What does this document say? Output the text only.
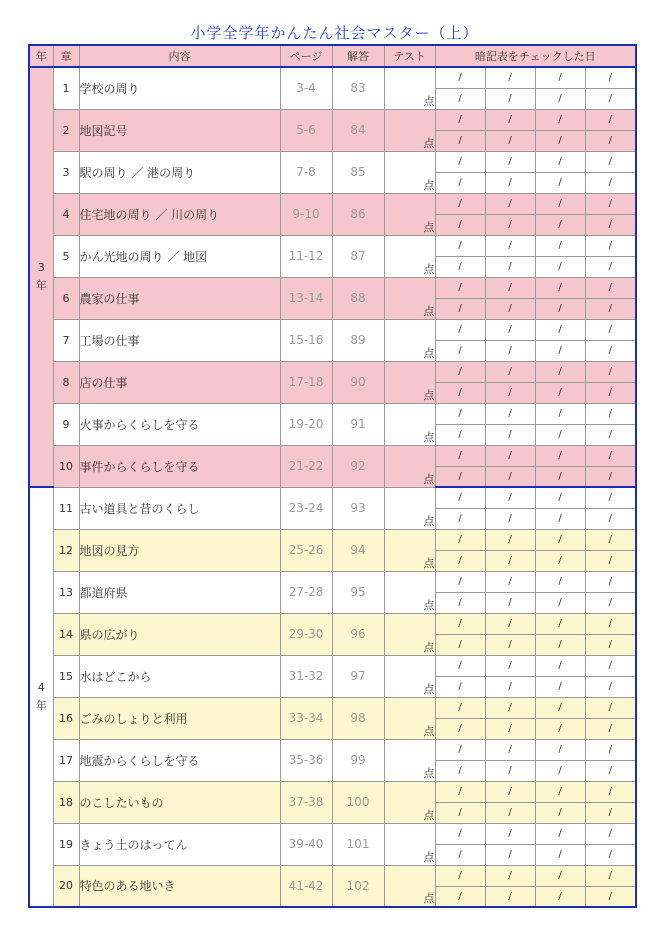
小学全学年かんたん社会マスター（上）
年	章	内容	ページ	解答	テスト	暗記表をチェックした日			

3
年	1	学校の周り	3-4	83	点	/	/	/	/
						/	/	/	/
	2	地図記号	5-6	84	点	/	/	/	/
						/	/	/	/
	3	駅の周り ／ 港の周り	7-8	85	点	/	/	/	/
						/	/	/	/
	4	住宅地の周り ／ 川の周り	9-10	86	点	/	/	/	/
						/	/	/	/
	5	かん光地の周り ／ 地図	11-12	87	点	/	/	/	/
						/	/	/	/
	6	農家の仕事	13-14	88	点	/	/	/	/
						/	/	/	/
	7	工場の仕事	15-16	89	点	/	/	/	/
						/	/	/	/
	8	店の仕事	17-18	90	点	/	/	/	/
						/	/	/	/
	9	火事からくらしを守る	19-20	91	点	/	/	/	/
						/	/	/	/
	10	事件からくらしを守る	21-22	92	点	/	/	/	/
						/	/	/	/

4
年	11	古い道具と昔のくらし	23-24	93	点	/	/	/	/
						/	/	/	/
	12	地図の見方	25-26	94	点	/	/	/	/
						/	/	/	/
	13	都道府県	27-28	95	点	/	/	/	/
						/	/	/	/
	14	県の広がり	29-30	96	点	/	/	/	/
						/	/	/	/
	15	水はどこから	31-32	97	点	/	/	/	/
						/	/	/	/
	16	ごみのしょりと利用	33-34	98	点	/	/	/	/
						/	/	/	/
	17	地震からくらしを守る	35-36	99	点	/	/	/	/
						/	/	/	/
	18	のこしたいもの	37-38	100	点	/	/	/	/
						/	/	/	/
	19	きょう土のはってん	39-40	101	点	/	/	/	/
						/	/	/	/
	20	特色のある地いき	41-42	102	点	/	/	/	/
						/	/	/	/
